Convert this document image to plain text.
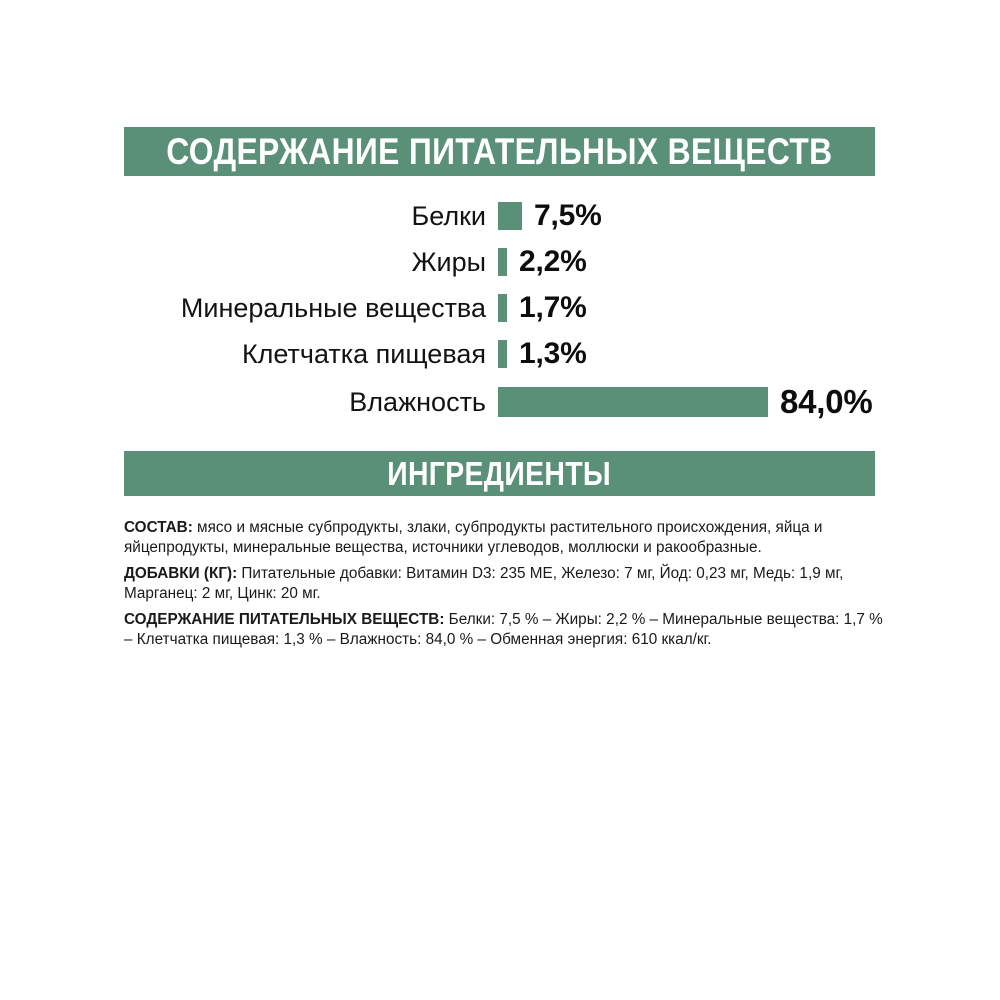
СОДЕРЖАНИЕ ПИТАТЕЛЬНЫХ ВЕЩЕСТВ
Белки 7,5%
Жиры 2,2%
Минеральные вещества 1,7%
Клетчатка пищевая 1,3%
Влажность	84,0%
ИНГРЕДИЕНТЫ

СОСТАВ: мясо и мясные субпродукты, злаки, субпродукты растительного происхождения, яйца и яйцепродукты, минеральные вещества, источники углеводов, моллюски и ракообразные.

ДОБАВКИ (КГ): Питательные добавки: Витамин D3: 235 МЕ, Железо: 7 мг, Йод: 0,23 мг, Медь: 1,9 мг, Марганец: 2 мг, Цинк: 20 мг.

СОДЕРЖАНИЕ ПИТАТЕЛЬНЫХ ВЕЩЕСТВ: Белки: 7,5 % – Жиры: 2,2 % – Минеральные вещества: 1,7 % – Клетчатка пищевая: 1,3 % – Влажность: 84,0 % – Обменная энергия: 610 ккал/кг.
